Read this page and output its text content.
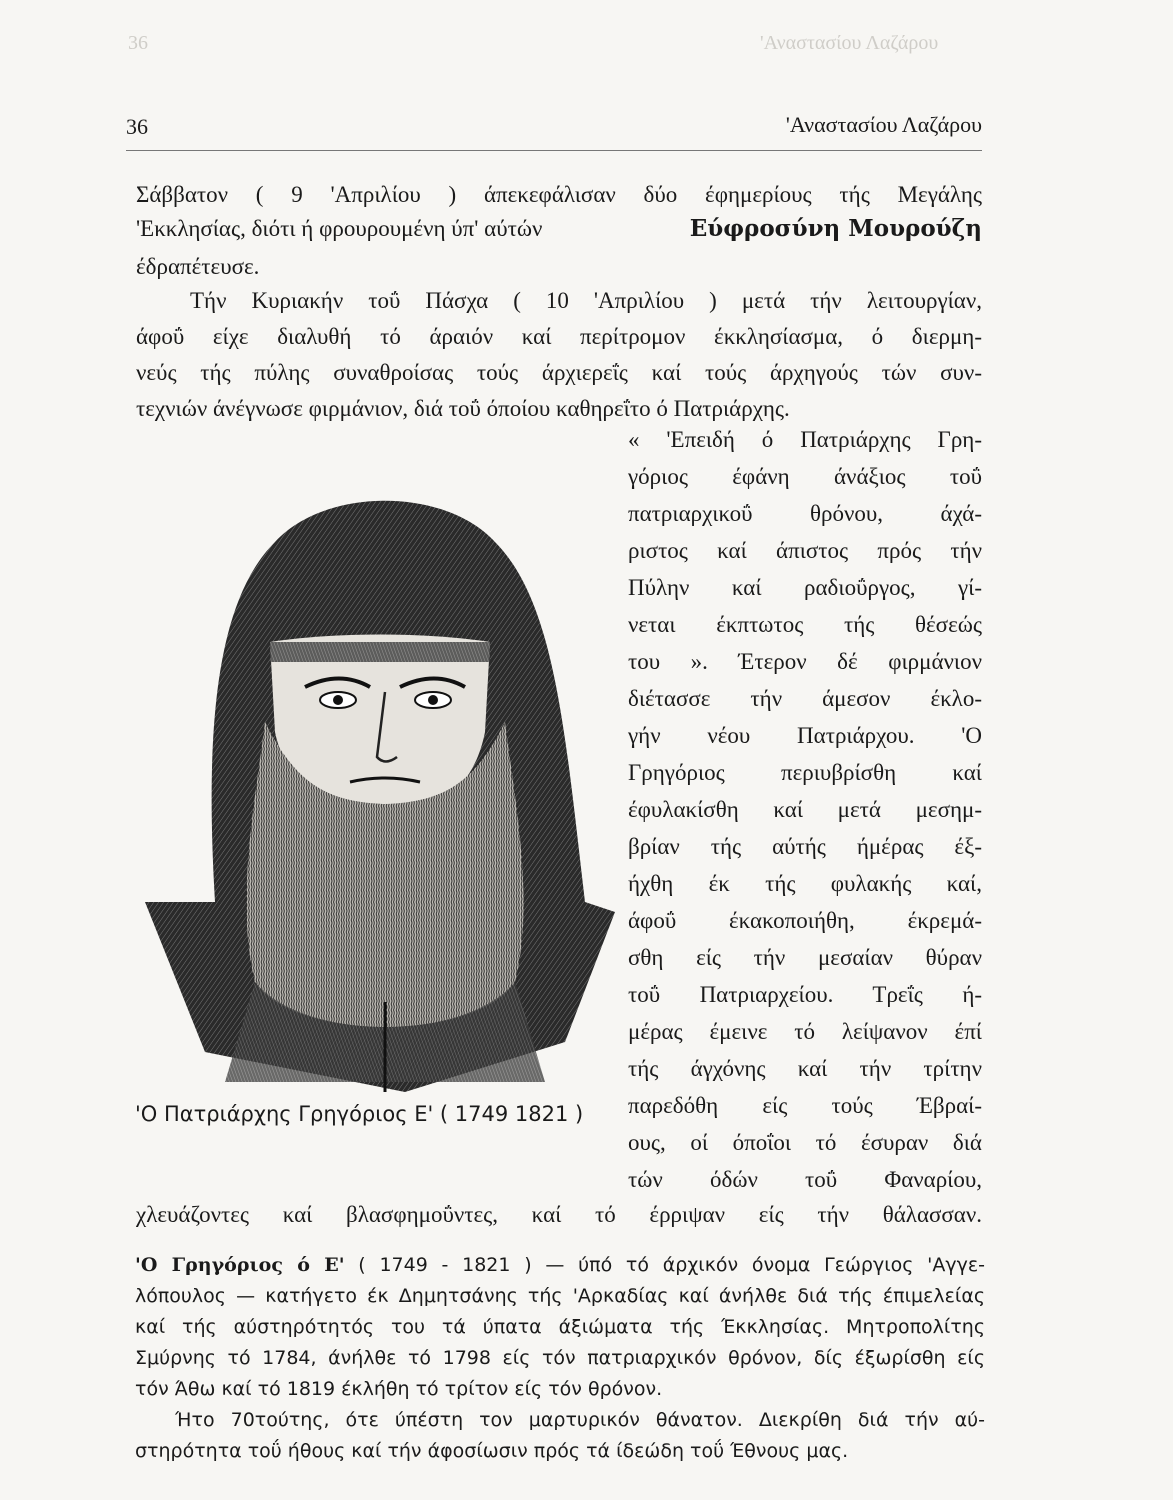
36	'Αναστασίου Λαζάρου
36	'Αναστασίου Λαζάρου
Σάββατον ( 9 'Απριλίου ) άπεκεφάλισαν δύο έφημερίους τής Μεγάλης
'Εκκλησίας, διότι ή φρουρουμένη ύπ' αύτών	Εύφροσύνη Μουρούζη
έδραπέτευσε.
Τήν Κυριακήν τοΰ Πάσχα ( 10 'Απριλίου ) μετά τήν λειτουργίαν,
άφοΰ είχε διαλυθή τό άραιόν καί περίτρομον έκκλησίασμα, ό διερμη-
νεύς τής πύλης συναθροίσας τούς άρχιερεΐς καί τούς άρχηγούς τών συν-
τεχνιών άνέγνωσε φιρμάνιον, διά τοΰ όποίου καθηρεΐτο ό Πατριάρχης.
« 'Επειδή ό Πατριάρχης Γρη-
γόριος έφάνη άνάξιος τοΰ
πατριαρχικοΰ θρόνου, άχά-
ριστος καί άπιστος πρός τήν
Πύλην καί ραδιοΰργος, γί-
νεται έκπτωτος τής θέσεώς
του ». Έτερον δέ φιρμάνιον
διέτασσε τήν άμεσον έκλο-
γήν νέου Πατριάρχου. 'Ο
Γρηγόριος περιυβρίσθη καί
έφυλακίσθη καί μετά μεσημ-
βρίαν τής αύτής ήμέρας έξ-
ήχθη έκ τής φυλακής καί,
άφοΰ έκακοποιήθη, έκρεμά-
σθη είς τήν μεσαίαν θύραν
τοΰ Πατριαρχείου. Τρεΐς ή-
μέρας έμεινε τό λείψανον έπί
τής άγχόνης καί τήν τρίτην
παρεδόθη είς τούς Έβραί-
ους, οί όποΐοι τό έσυραν διά
τών όδών τοΰ Φαναρίου,
'Ο Πατριάρχης Γρηγόριος Ε' ( 1749 1821 )
χλευάζοντες καί βλασφημοΰντες, καί τό έρριψαν είς τήν θάλασσαν.
'Ο Γρηγόριος ό Ε' ( 1749 - 1821 ) — ύπό τό άρχικόν όνομα Γεώργιος 'Αγγε-
λόπουλος — κατήγετο έκ Δημητσάνης τής 'Αρκαδίας καί άνήλθε διά τής έπιμελείας
καί τής αύστηρότητός του τά ύπατα άξιώματα τής Έκκλησίας. Μητροπολίτης
Σμύρνης τό 1784, άνήλθε τό 1798 είς τόν πατριαρχικόν θρόνον, δίς έξωρίσθη είς
τόν Άθω καί τό 1819 έκλήθη τό τρίτον είς τόν θρόνον.
Ήτο 70τούτης, ότε ύπέστη τον μαρτυρικόν θάνατον. Διεκρίθη διά τήν αύ-
στηρότητα τοΰ ήθους καί τήν άφοσίωσιν πρός τά ίδεώδη τοΰ Έθνους μας.
